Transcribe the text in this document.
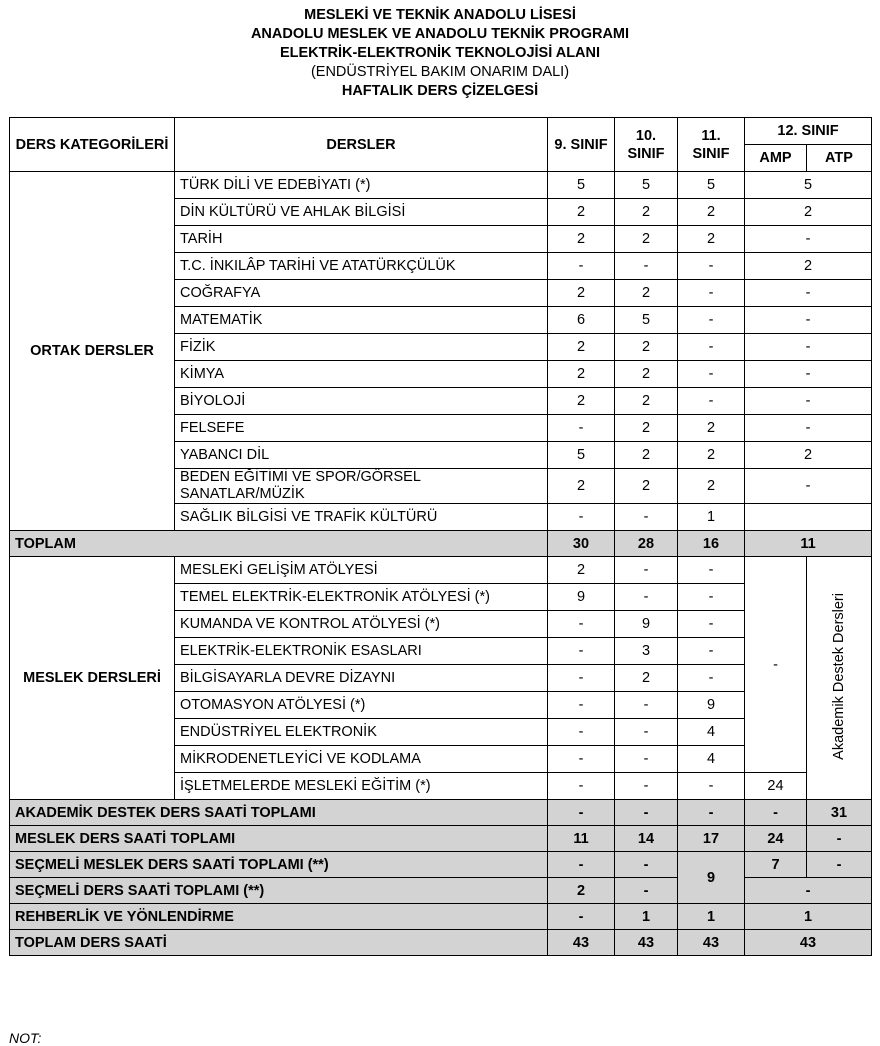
MESLEKİ VE TEKNİK ANADOLU LİSESİ
ANADOLU MESLEK VE ANADOLU TEKNİK PROGRAMI
ELEKTRİK-ELEKTRONİK TEKNOLOJİSİ ALANI
(ENDÜSTRİYEL BAKIM ONARIM DALI)
HAFTALIK DERS ÇİZELGESİ
DERS KATEGORİLERİ	DERSLER	9. SINIF	10. SINIF	11. SINIF	12. SINIF	
					AMP	ATP
ORTAK DERSLER	TÜRK DİLİ VE EDEBİYATI (*)	5	5	5	5	
	DİN KÜLTÜRÜ VE AHLAK BİLGİSİ	2	2	2	2	
	TARİH	2	2	2	-	
	T.C. İNKILÂP TARİHİ VE ATATÜRKÇÜLÜK	-	-	-	2	
	COĞRAFYA	2	2	-	-	
	MATEMATİK	6	5	-	-	
	FİZİK	2	2	-	-	
	KİMYA	2	2	-	-	
	BİYOLOJİ	2	2	-	-	
	FELSEFE	-	2	2	-	
	YABANCI DİL	5	2	2	2	
	BEDEN EĞİTİMİ VE SPOR/GÖRSEL SANATLAR/MÜZİK	2	2	2	-	
	SAĞLIK BİLGİSİ VE TRAFİK KÜLTÜRÜ	-	-	1		
TOPLAM		30	28	16	11	
MESLEK DERSLERİ	MESLEKİ GELİŞİM ATÖLYESİ	2	-	-	-	Akademik Destek Dersleri
	TEMEL ELEKTRİK-ELEKTRONİK ATÖLYESİ (*)	9	-	-		
	KUMANDA VE KONTROL ATÖLYESİ (*)	-	9	-		
	ELEKTRİK-ELEKTRONİK ESASLARI	-	3	-		
	BİLGİSAYARLA DEVRE DİZAYNI	-	2	-		
	OTOMASYON ATÖLYESİ (*)	-	-	9		
	ENDÜSTRİYEL ELEKTRONİK	-	-	4		
	MİKRODENETLEYİCİ VE KODLAMA	-	-	4		
	İŞLETMELERDE MESLEKİ EĞİTİM (*)	-	-	-	24	
AKADEMİK DESTEK DERS SAATİ TOPLAMI		-	-	-	-	31
MESLEK DERS SAATİ TOPLAMI		11	14	17	24	-
SEÇMELİ MESLEK DERS SAATİ TOPLAMI (**)		-	-	9	7	-
SEÇMELİ DERS SAATİ TOPLAMI (**)		2	-		-	
REHBERLİK VE YÖNLENDİRME		-	1	1	1	
TOPLAM DERS SAATİ		43	43	43	43	
NOT:
